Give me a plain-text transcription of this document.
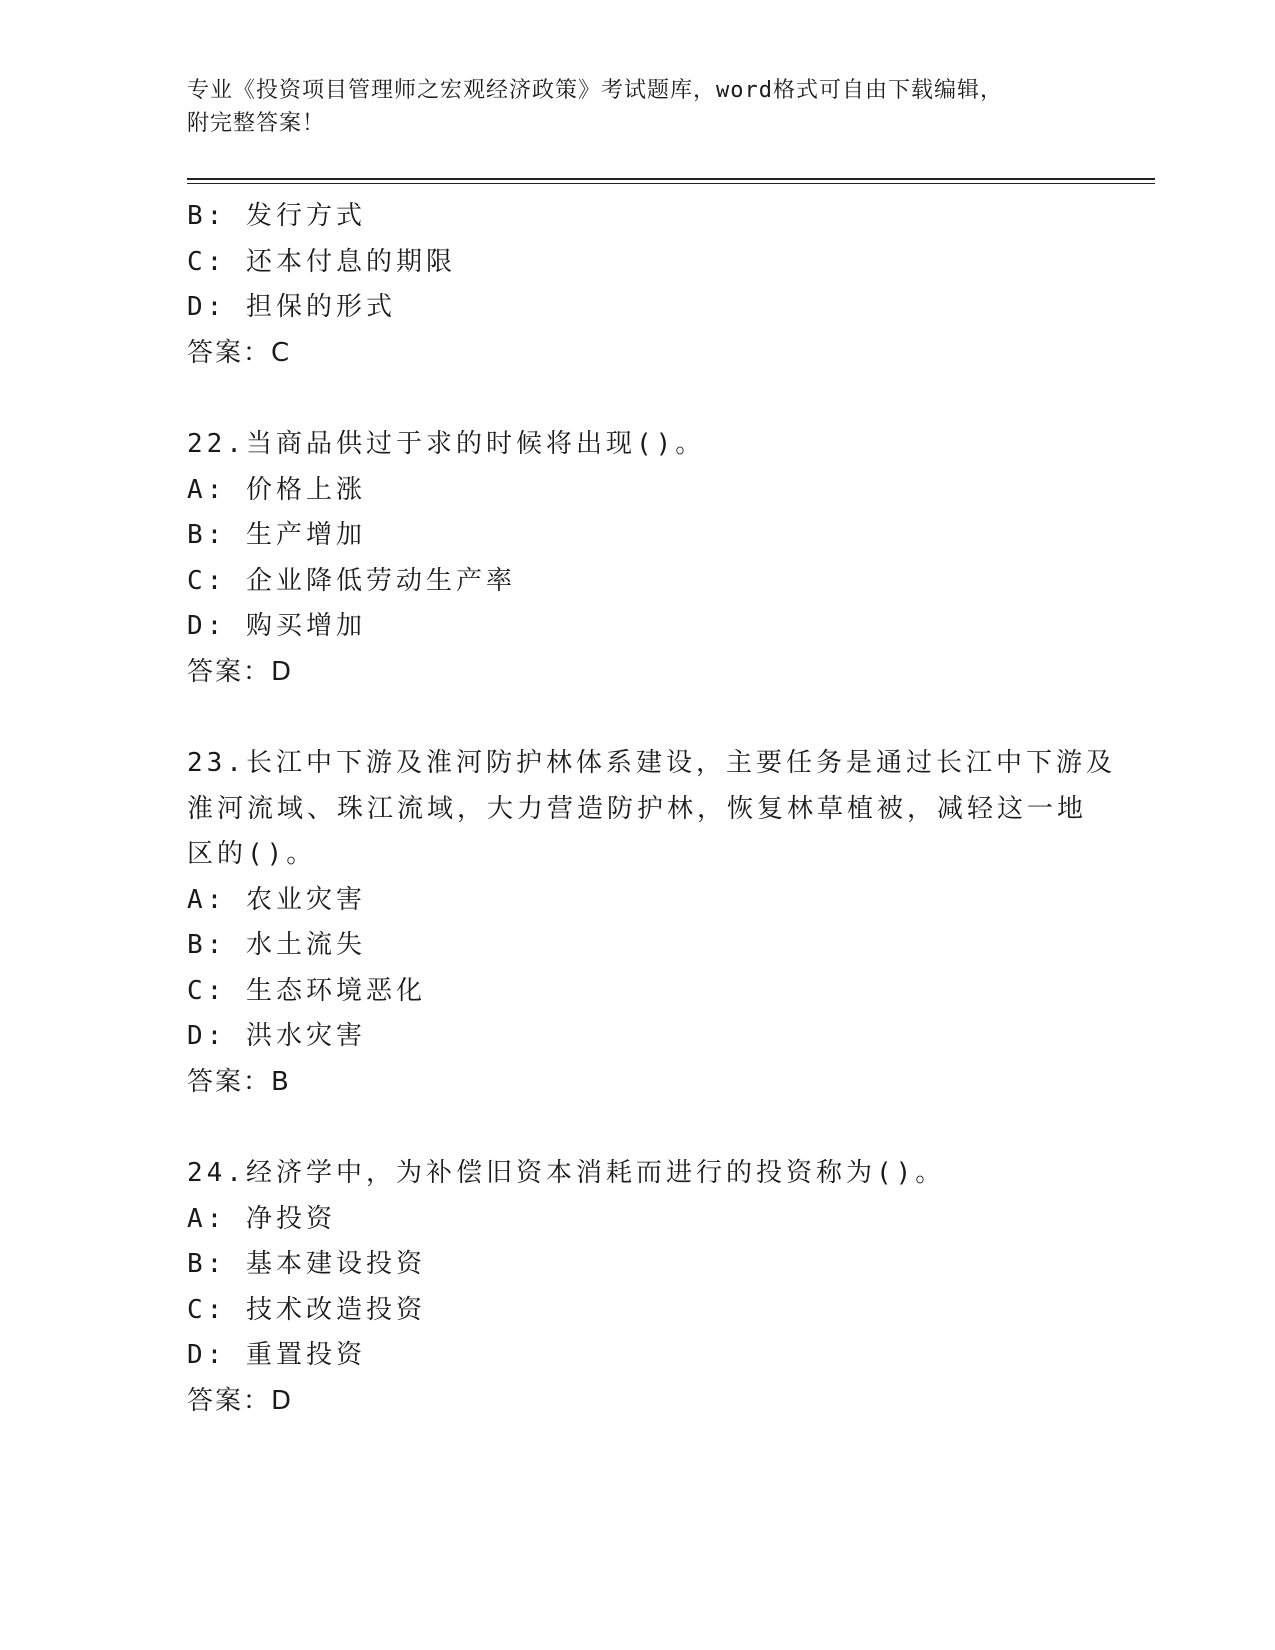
专业《投资项目管理师之宏观经济政策》考试题库，word格式可自由下载编辑，
附完整答案！
B: 发行方式
C: 还本付息的期限
D: 担保的形式
答案：C
22.当商品供过于求的时候将出现()。
A: 价格上涨
B: 生产增加
C: 企业降低劳动生产率
D: 购买增加
答案：D
23.长江中下游及淮河防护林体系建设，主要任务是通过长江中下游及
淮河流域、珠江流域，大力营造防护林，恢复林草植被，减轻这一地
区的()。
A: 农业灾害
B: 水土流失
C: 生态环境恶化
D: 洪水灾害
答案：B
24.经济学中，为补偿旧资本消耗而进行的投资称为()。
A: 净投资
B: 基本建设投资
C: 技术改造投资
D: 重置投资
答案：D
